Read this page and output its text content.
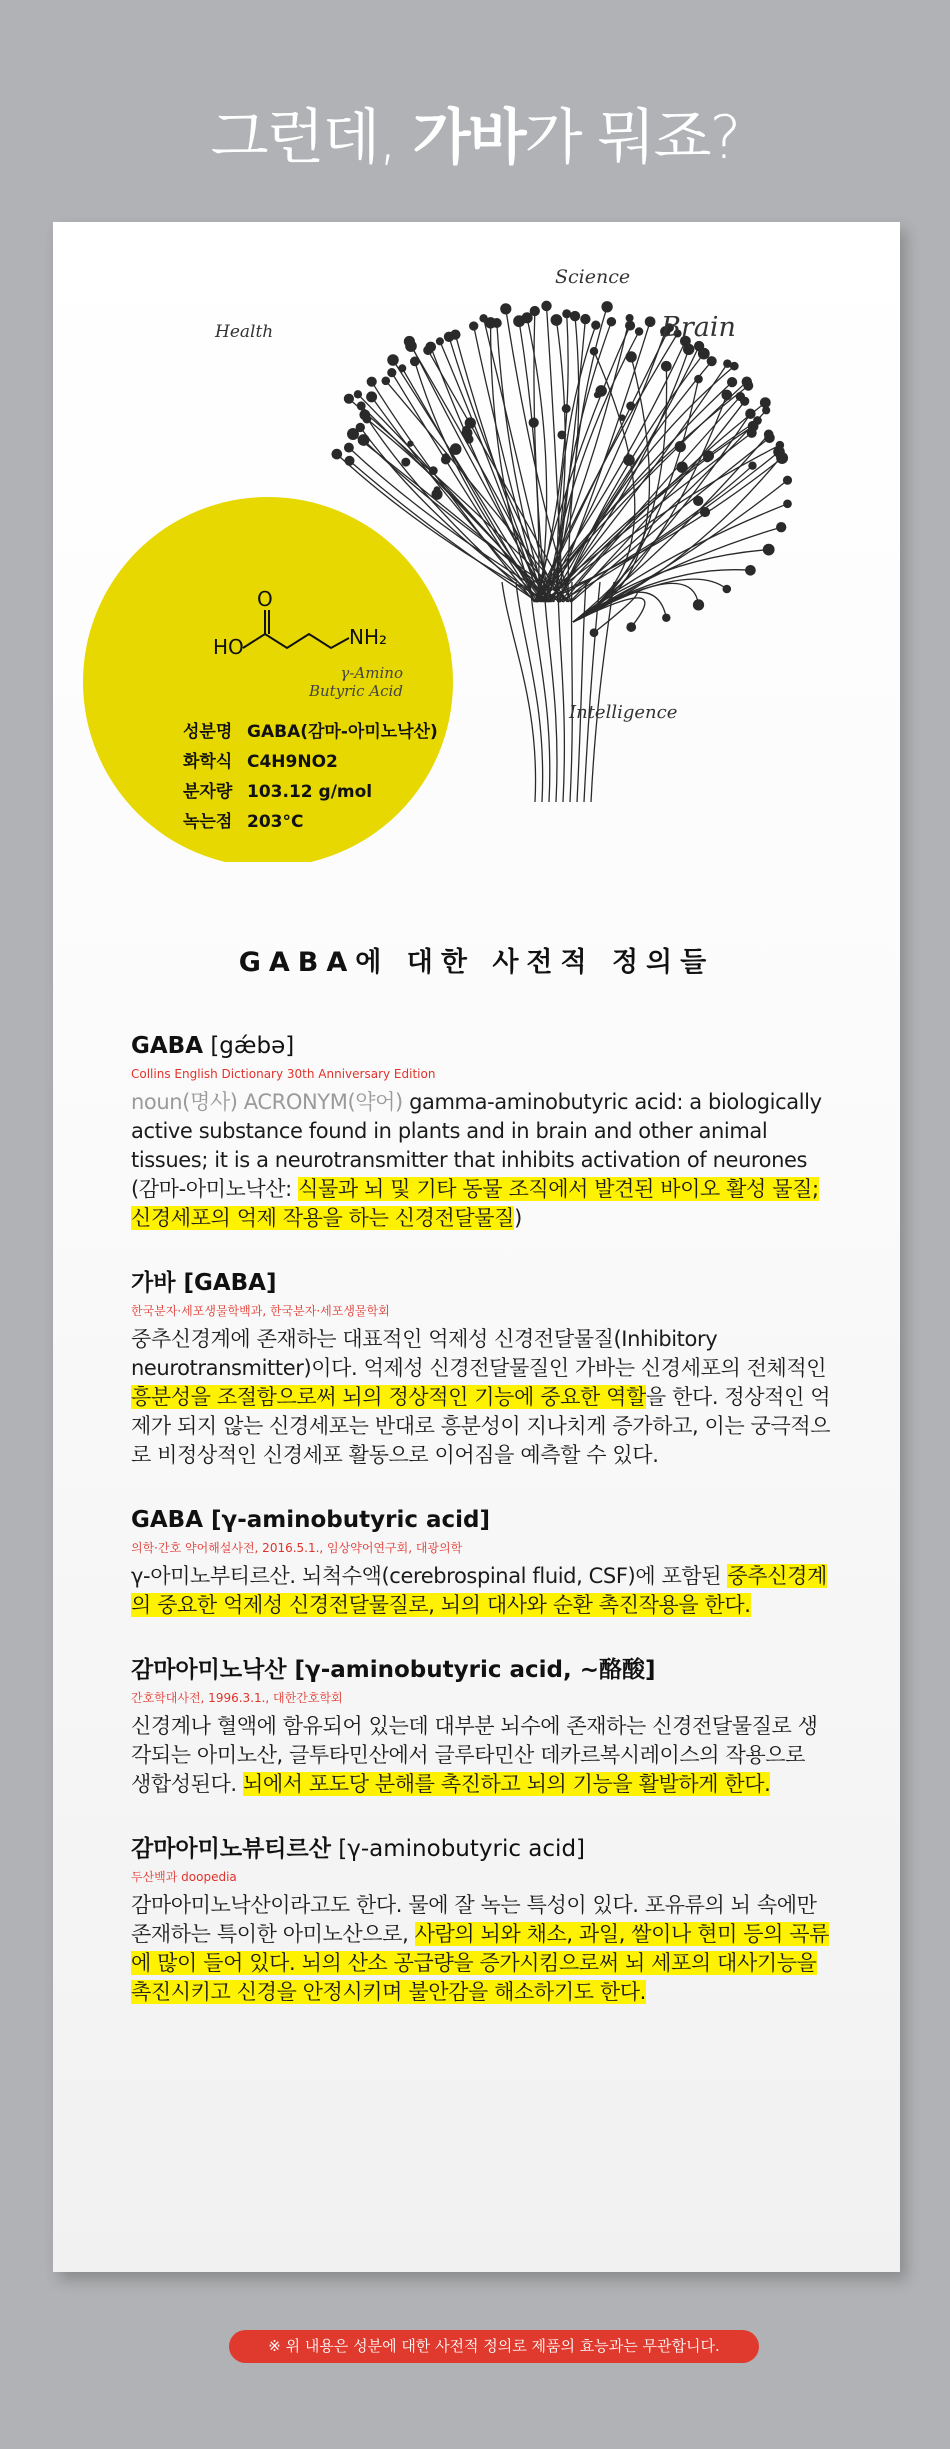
그런데, 가바가 뭐죠?
O
HO	NH₂
Science
Brain
Health
Intelligence
γ-Amino
Butyric Acid
성분명 GABA(감마-아미노낙산)
화학식 C4H9NO2
분자량 103.12 g/mol
녹는점 203°C
GABA에 대한 사전적 정의들
GABA [gǽbə]
Collins English Dictionary 30th Anniversary Edition

noun(명사) ACRONYM(약어) gamma-aminobutyric acid: a biologically active substance found in plants and in brain and other animal tissues; it is a neurotransmitter that inhibits activation of neurones (감마-아미노낙산: 식물과 뇌 및 기타 동물 조직에서 발견된 바이오 활성 물질; 신경세포의 억제 작용을 하는 신경전달물질)

가바 [GABA]
한국분자·세포생물학백과, 한국분자·세포생물학회

중추신경계에 존재하는 대표적인 억제성 신경전달물질(Inhibitory neurotransmitter)이다. 억제성 신경전달물질인 가바는 신경세포의 전체적인 흥분성을 조절함으로써 뇌의 정상적인 기능에 중요한 역할을 한다. 정상적인 억제가 되지 않는 신경세포는 반대로 흥분성이 지나치게 증가하고, 이는 궁극적으로 비정상적인 신경세포 활동으로 이어짐을 예측할 수 있다.

GABA [γ-aminobutyric acid]
의학·간호 약어해설사전, 2016.5.1., 임상약어연구회, 대광의학

γ-아미노부티르산. 뇌척수액(cerebrospinal fluid, CSF)에 포함된 중추신경계의 중요한 억제성 신경전달물질로, 뇌의 대사와 순환 촉진작용을 한다.

감마아미노낙산 [γ-aminobutyric acid, ~酪酸]
간호학대사전, 1996.3.1., 대한간호학회

신경계나 혈액에 함유되어 있는데 대부분 뇌수에 존재하는 신경전달물질로 생각되는 아미노산, 글투타민산에서 글루타민산 데카르복시레이스의 작용으로 생합성된다. 뇌에서 포도당 분해를 촉진하고 뇌의 기능을 활발하게 한다.

감마아미노뷰티르산 [γ-aminobutyric acid]
두산백과 doopedia

감마아미노낙산이라고도 한다. 물에 잘 녹는 특성이 있다. 포유류의 뇌 속에만 존재하는 특이한 아미노산으로, 사람의 뇌와 채소, 과일, 쌀이나 현미 등의 곡류에 많이 들어 있다. 뇌의 산소 공급량을 증가시킴으로써 뇌 세포의 대사기능을 촉진시키고 신경을 안정시키며 불안감을 해소하기도 한다.

※ 위 내용은 성분에 대한 사전적 정의로 제품의 효능과는 무관합니다.
